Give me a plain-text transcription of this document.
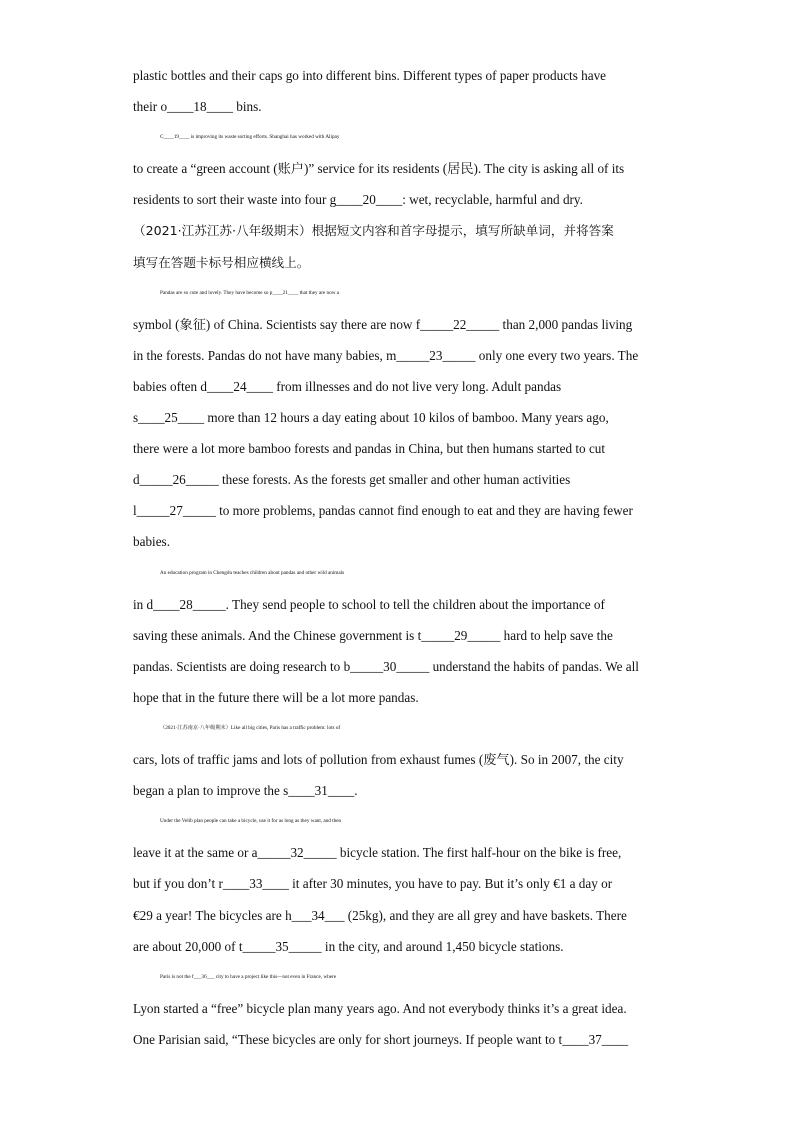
plastic bottles and their caps go into different bins. Different types of paper products have
their o____18____ bins.
C____19____ is improving its waste sorting efforts. Shanghai has worked with Alipay
to create a “green account (账户)” service for its residents (居民). The city is asking all of its
residents to sort their waste into four g____20____: wet, recyclable, harmful and dry.
（2021·江苏江苏·八年级期末）根据短文内容和首字母提示，填写所缺单词，并将答案
填写在答题卡标号相应横线上。
Pandas are so cute and lovely. They have become so p____21____ that they are now a
symbol (象征) of China. Scientists say there are now f_____22_____ than 2,000 pandas living
in the forests. Pandas do not have many babies, m_____23_____ only one every two years. The
babies often d____24____ from illnesses and do not live very long. Adult pandas
s____25____ more than 12 hours a day eating about 10 kilos of bamboo. Many years ago,
there were a lot more bamboo forests and pandas in China, but then humans started to cut
d_____26_____ these forests. As the forests get smaller and other human activities
l_____27_____ to more problems, pandas cannot find enough to eat and they are having fewer
babies.
An education program in Chengdu teaches children about pandas and other wild animals
in d____28_____. They send people to school to tell the children about the importance of
saving these animals. And the Chinese government is t_____29_____ hard to help save the
pandas. Scientists are doing research to b_____30_____ understand the habits of pandas. We all
hope that in the future there will be a lot more pandas.
（2021·江苏南京·八年级期末）Like all big cities, Paris has a traffic problem: lots of
cars, lots of traffic jams and lots of pollution from exhaust fumes (废气). So in 2007, the city
began a plan to improve the s____31____.
Under the Velib plan people can take a bicycle, use it for as long as they want, and then
leave it at the same or a_____32_____ bicycle station. The first half-hour on the bike is free,
but if you don’t r____33____ it after 30 minutes, you have to pay. But it’s only €1 a day or
€29 a year! The bicycles are h___34___ (25kg), and they are all grey and have baskets. There
are about 20,000 of t_____35_____ in the city, and around 1,450 bicycle stations.
Paris is not the f___36___ city to have a project like this—not even in France, where
Lyon started a “free” bicycle plan many years ago. And not everybody thinks it’s a great idea.
One Parisian said, “These bicycles are only for short journeys. If people want to t____37____
